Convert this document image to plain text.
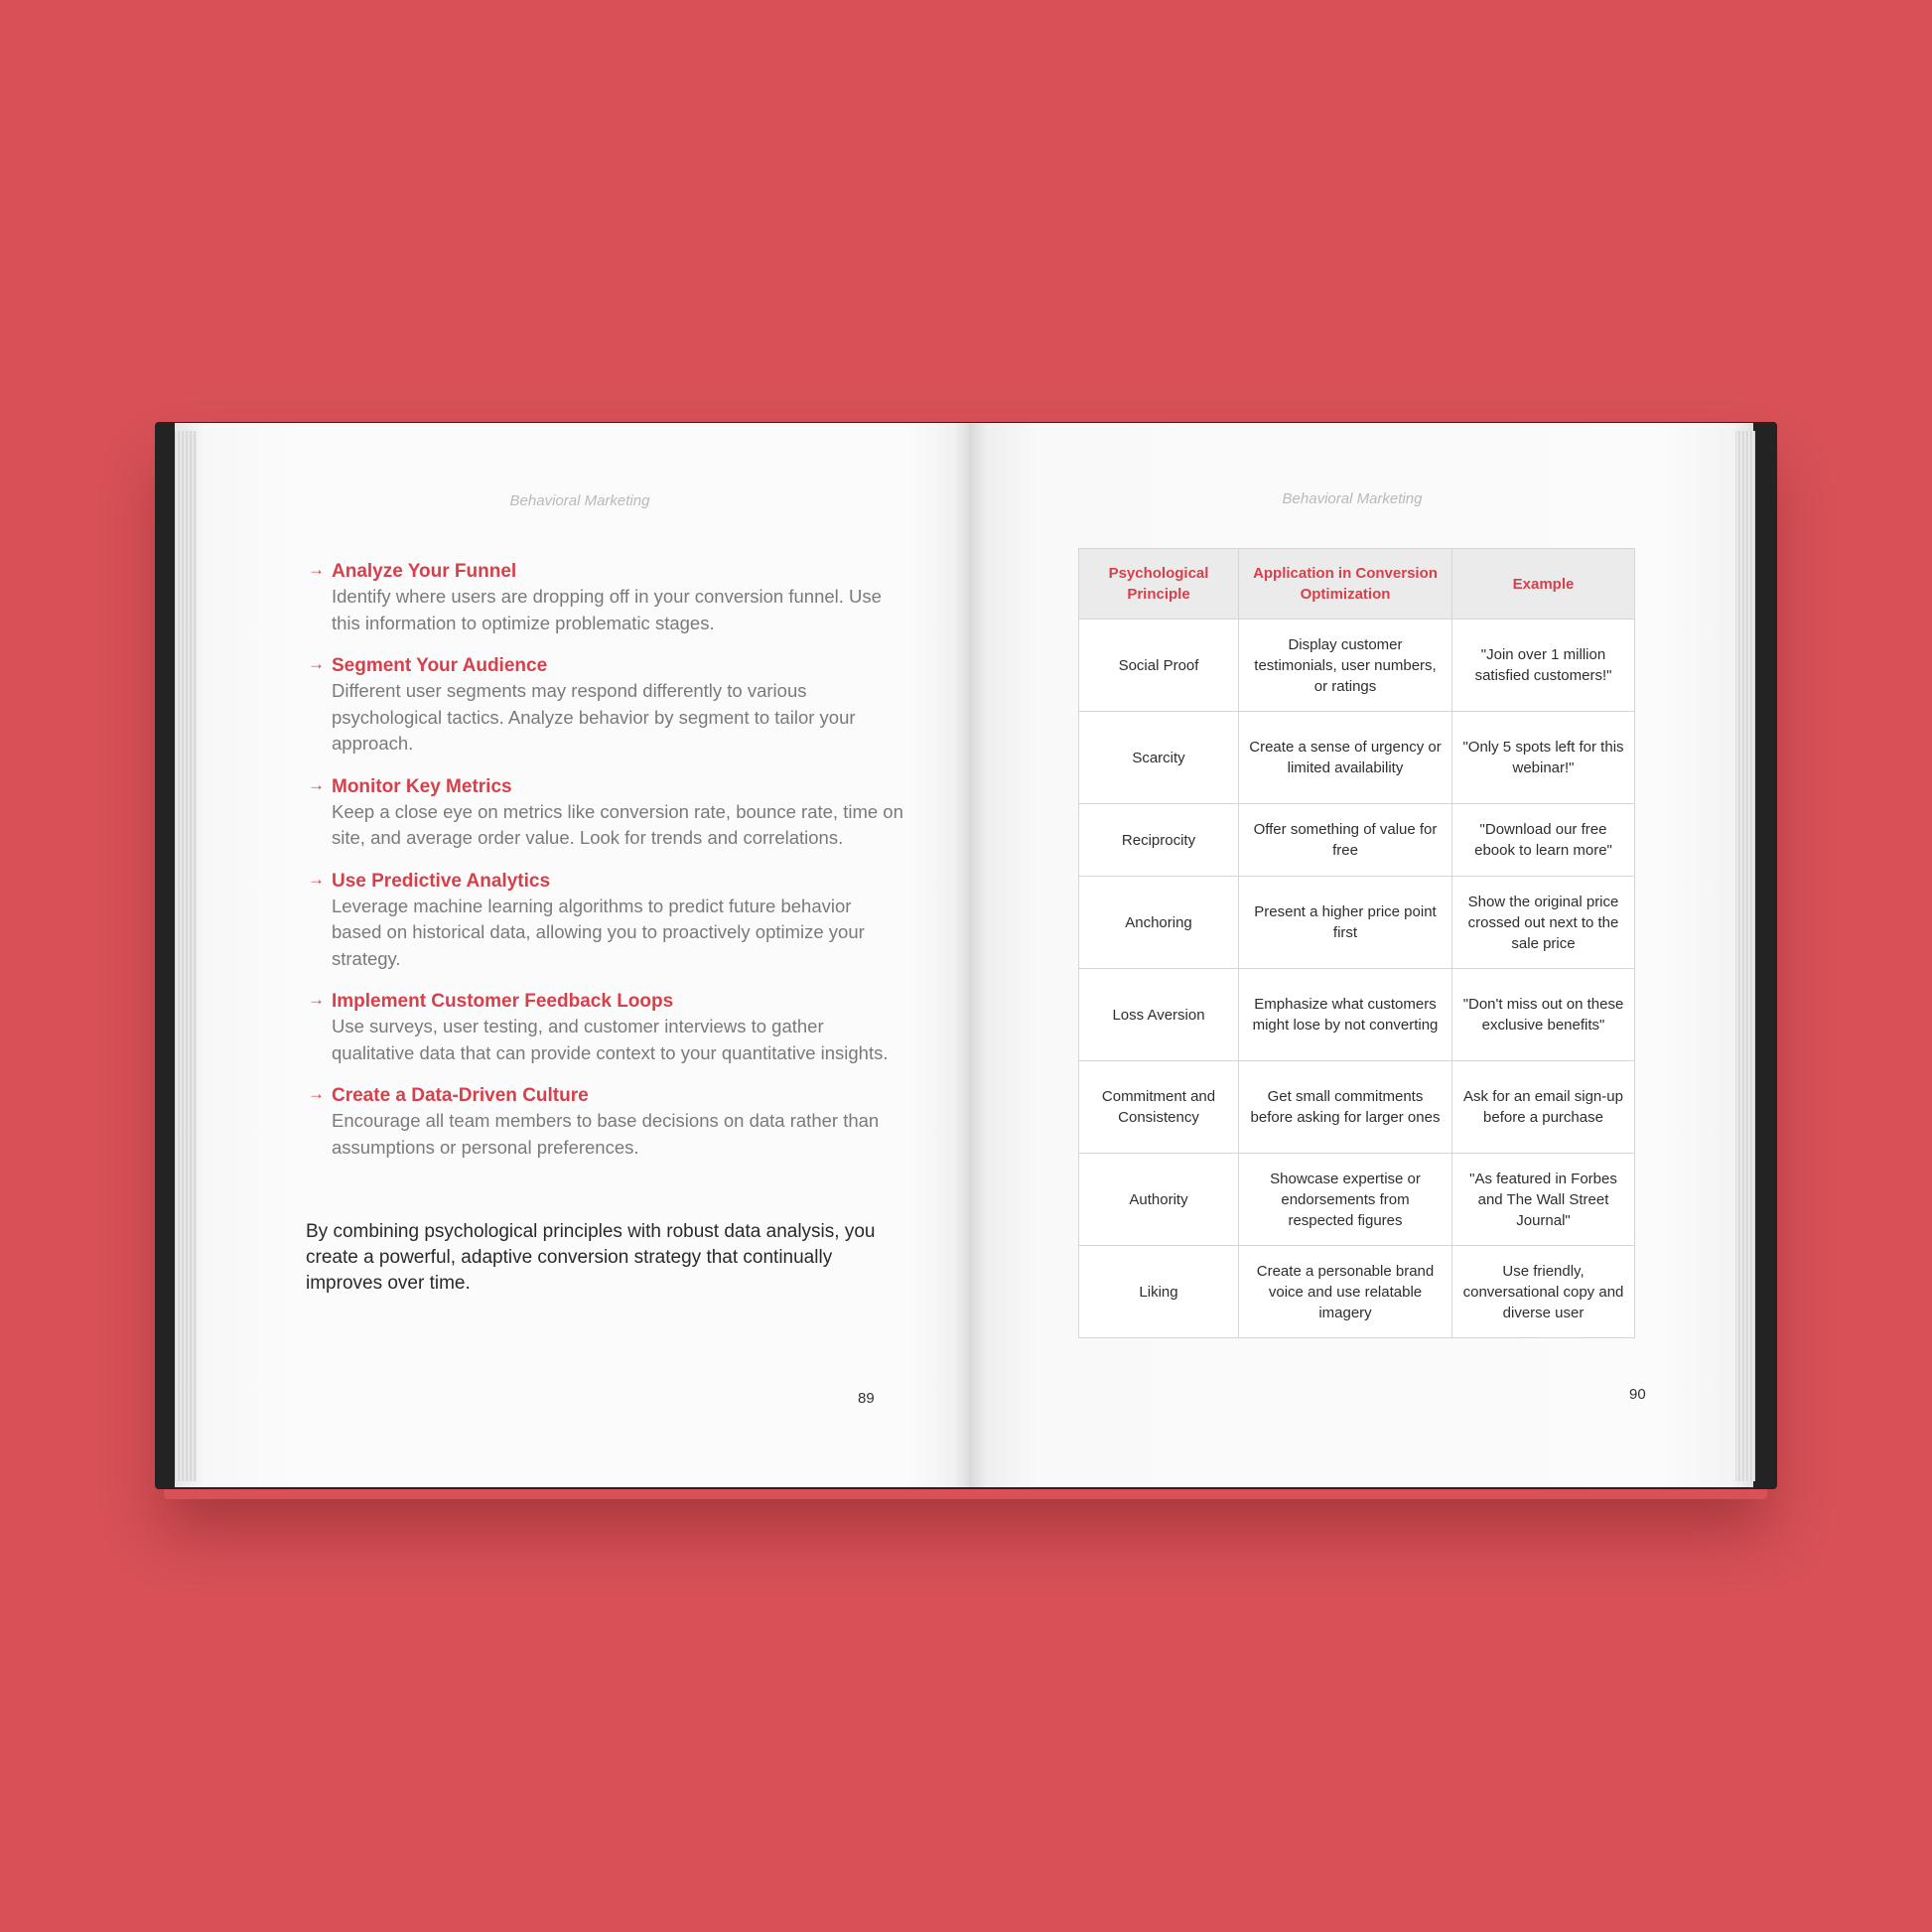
Behavioral Marketing
→ Analyze Your Funnel
Identify where users are dropping off in your conversion funnel. Use this information to optimize problematic stages.
→ Segment Your Audience
Different user segments may respond differently to various psychological tactics. Analyze behavior by segment to tailor your approach.
→ Monitor Key Metrics
Keep a close eye on metrics like conversion rate, bounce rate, time on site, and average order value. Look for trends and correlations.
→ Use Predictive Analytics
Leverage machine learning algorithms to predict future behavior based on historical data, allowing you to proactively optimize your strategy.
→ Implement Customer Feedback Loops
Use surveys, user testing, and customer interviews to gather qualitative data that can provide context to your quantitative insights.
→ Create a Data-Driven Culture
Encourage all team members to base decisions on data rather than assumptions or personal preferences.
By combining psychological principles with robust data analysis, you create a powerful, adaptive conversion strategy that continually improves over time.
89
Behavioral Marketing
Psychological Principle	Application in Conversion Optimization	Example
Social Proof	Display customer testimonials, user numbers, or ratings	"Join over 1 million satisfied customers!"
Scarcity	Create a sense of urgency or limited availability	"Only 5 spots left for this webinar!"
Reciprocity	Offer something of value for free	"Download our free ebook to learn more"
Anchoring	Present a higher price point first	Show the original price crossed out next to the sale price
Loss Aversion	Emphasize what customers might lose by not converting	"Don't miss out on these exclusive benefits"
Commitment and Consistency	Get small commitments before asking for larger ones	Ask for an email sign-up before a purchase
Authority	Showcase expertise or endorsements from respected figures	"As featured in Forbes and The Wall Street Journal"
Liking	Create a personable brand voice and use relatable imagery	Use friendly, conversational copy and diverse user
90
